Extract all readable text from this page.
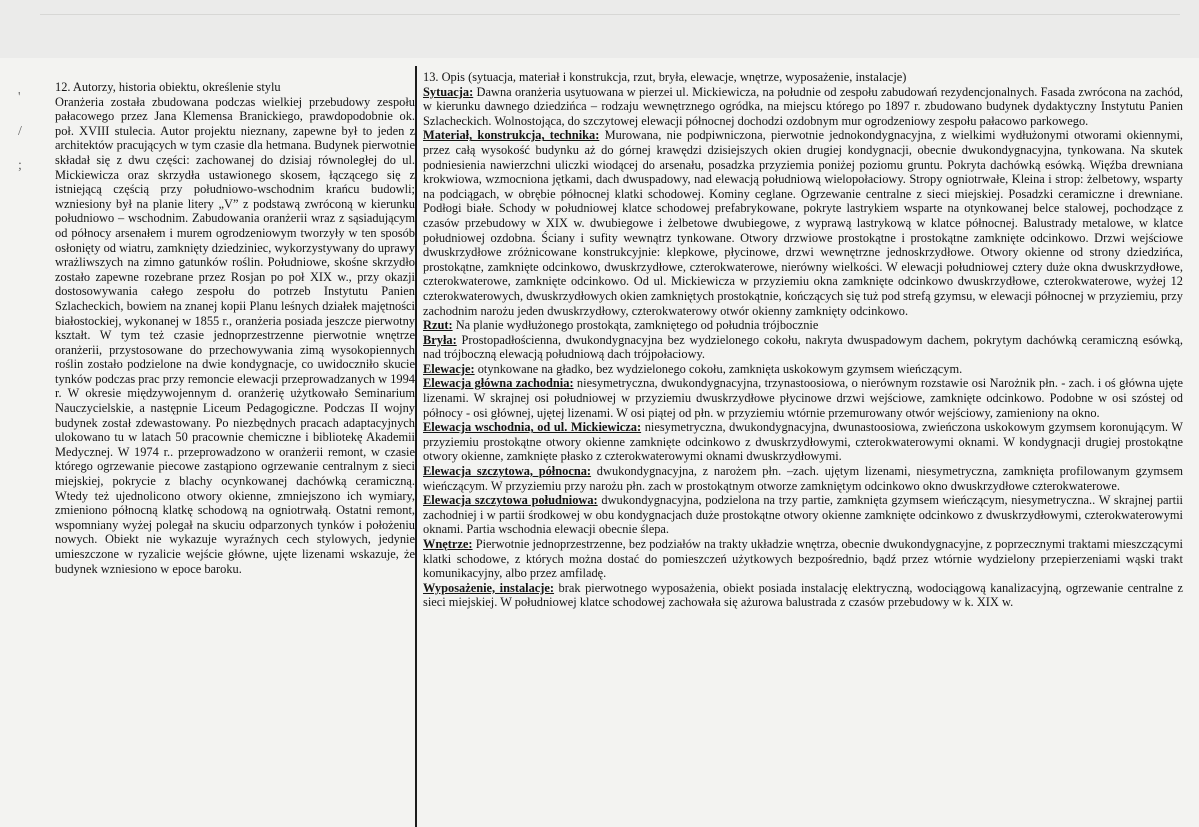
'
/
;

12. Autorzy, historia obiektu, określenie stylu

Oranżeria została zbudowana podczas wielkiej przebudowy zespołu pałacowego przez Jana Klemensa Branickiego, prawdopodobnie ok. poł. XVIII stulecia. Autor projektu nieznany, zapewne był to jeden z architektów pracujących w tym czasie dla hetmana. Budynek pierwotnie składał się z dwu części: zachowanej do dzisiaj równoległej do ul. Mickiewicza oraz skrzydła ustawionego skosem, łączącego się z istniejącą częścią przy południowo-wschodnim krańcu budowli; wzniesiony był na planie litery „V” z podstawą zwróconą w kierunku południowo – wschodnim. Zabudowania oranżerii wraz z sąsiadującym od północy arsenałem i murem ogrodzeniowym tworzyły w ten sposób osłonięty od wiatru, zamknięty dziedziniec, wykorzystywany do uprawy wrażliwszych na zimno gatunków roślin. Południowe, skośne skrzydło zostało zapewne rozebrane przez Rosjan po poł XIX w., przy okazji dostosowywania całego zespołu do potrzeb Instytutu Panien Szlacheckich, bowiem na znanej kopii Planu leśnych działek majętności białostockiej, wykonanej w 1855 r., oranżeria posiada jeszcze pierwotny kształt. W tym też czasie jednoprzestrzenne pierwotnie wnętrze oranżerii, przystosowane do przechowywania zimą wysokopiennych roślin zostało podzielone na dwie kondygnacje, co uwidoczniło skucie tynków podczas prac przy remoncie elewacji przeprowadzanych w 1994 r. W okresie międzywojennym d. oranżerię użytkowało Seminarium Nauczycielskie, a następnie Liceum Pedagogiczne. Podczas II wojny budynek został zdewastowany. Po niezbędnych pracach adaptacyjnych ulokowano tu w latach 50 pracownie chemiczne i bibliotekę Akademii Medycznej. W 1974 r.. przeprowadzono w oranżerii remont, w czasie którego ogrzewanie piecowe zastąpiono ogrzewanie centralnym z sieci miejskiej, pokrycie z blachy ocynkowanej dachówką ceramiczną. Wtedy też ujednolicono otwory okienne, zmniejszono ich wymiary, zmieniono północną klatkę schodową na ogniotrwałą. Ostatni remont, wspomniany wyżej polegał na skuciu odparzonych tynków i położeniu nowych. Obiekt nie wykazuje wyraźnych cech stylowych, jedynie umieszczone w ryzalicie wejście główne, ujęte lizenami wskazuje, że budynek wzniesiono w epoce baroku.

13. Opis (sytuacja, materiał i konstrukcja, rzut, bryła, elewacje, wnętrze, wyposażenie, instalacje)

Sytuacja: Dawna oranżeria usytuowana w pierzei ul. Mickiewicza, na południe od zespołu zabudowań rezydencjonalnych. Fasada zwrócona na zachód, w kierunku dawnego dziedzińca – rodzaju wewnętrznego ogródka, na miejscu którego po 1897 r. zbudowano budynek dydaktyczny Instytutu Panien Szlacheckich. Wolnostojąca, do szczytowej elewacji północnej dochodzi ozdobnym mur ogrodzeniowy zespołu pałacowo parkowego.

Materiał, konstrukcja, technika: Murowana, nie podpiwniczona, pierwotnie jednokondygnacyjna, z wielkimi wydłużonymi otworami okiennymi, przez całą wysokość budynku aż do górnej krawędzi dzisiejszych okien drugiej kondygnacji, obecnie dwukondygnacyjna, tynkowana. Na skutek podniesienia nawierzchni uliczki wiodącej do arsenału, posadzka przyziemia poniżej poziomu gruntu. Pokryta dachówką esówką. Więźba drewniana krokwiowa, wzmocniona jętkami, dach dwuspadowy, nad elewacją południową wielopołaciowy. Stropy ogniotrwałe, Kleina i strop: żelbetowy, wsparty na podciągach, w obrębie północnej klatki schodowej. Kominy ceglane. Ogrzewanie centralne z sieci miejskiej. Posadzki ceramiczne i drewniane. Podłogi białe. Schody w południowej klatce schodowej prefabrykowane, pokryte lastrykiem wsparte na otynkowanej belce stalowej, pochodzące z czasów przebudowy w XIX w. dwubiegowe i żelbetowe dwubiegowe, z wyprawą lastrykową w klatce północnej. Balustrady metalowe, w klatce południowej ozdobna. Ściany i sufity wewnątrz tynkowane. Otwory drzwiowe prostokątne i prostokątne zamknięte odcinkowo. Drzwi wejściowe dwuskrzydłowe zróżnicowane konstrukcyjnie: klepkowe, płycinowe, drzwi wewnętrzne jednoskrzydłowe. Otwory okienne od strony dziedzińca, prostokątne, zamknięte odcinkowo, dwuskrzydłowe, czterokwaterowe, nierówny wielkości. W elewacji południowej cztery duże okna dwuskrzydłowe, czterokwaterowe, zamknięte odcinkowo. Od ul. Mickiewicza w przyziemiu okna zamknięte odcinkowo dwuskrzydłowe, czterokwaterowe, wyżej 12 czterokwaterowych, dwuskrzydłowych okien zamkniętych prostokątnie, kończących się tuż pod strefą gzymsu, w elewacji północnej w przyziemiu, przy zachodnim narożu jeden dwuskrzydłowy, czterokwaterowy otwór okienny zamknięty odcinkowo.

Rzut: Na planie wydłużonego prostokąta, zamkniętego od południa trójbocznie

Bryła: Prostopadłościenna, dwukondygnacyjna bez wydzielonego cokołu, nakryta dwuspadowym dachem, pokrytym dachówką ceramiczną esówką, nad trójboczną elewacją południową dach trójpołaciowy.

Elewacje: otynkowane na gładko, bez wydzielonego cokołu, zamknięta uskokowym gzymsem wieńczącym.

Elewacja główna zachodnia: niesymetryczna, dwukondygnacyjna, trzynastoosiowa, o nierównym rozstawie osi Narożnik płn. - zach. i oś główna ujęte lizenami. W skrajnej osi południowej w przyziemiu dwuskrzydłowe płycinowe drzwi wejściowe, zamknięte odcinkowo. Podobne w osi szóstej od północy - osi głównej, ujętej lizenami. W osi piątej od płn. w przyziemiu wtórnie przemurowany otwór wejściowy, zamieniony na okno.

Elewacja wschodnia, od ul. Mickiewicza: niesymetryczna, dwukondygnacyjna, dwunastoosiowa, zwieńczona uskokowym gzymsem koronującym. W przyziemiu prostokątne otwory okienne zamknięte odcinkowo z dwuskrzydłowymi, czterokwaterowymi oknami. W kondygnacji drugiej prostokątne otwory okienne, zamknięte płasko z czterokwaterowymi oknami dwuskrzydłowymi.

Elewacja szczytowa, północna: dwukondygnacyjna, z narożem płn. –zach. ujętym lizenami, niesymetryczna, zamknięta profilowanym gzymsem wieńczącym. W przyziemiu przy narożu płn. zach w prostokątnym otworze zamkniętym odcinkowo okno dwuskrzydłowe czterokwaterowe.

Elewacja szczytowa południowa: dwukondygnacyjna, podzielona na trzy partie, zamknięta gzymsem wieńczącym, niesymetryczna.. W skrajnej partii zachodniej i w partii środkowej w obu kondygnacjach duże prostokątne otwory okienne zamknięte odcinkowo z dwuskrzydłowymi, czterokwaterowymi oknami. Partia wschodnia elewacji obecnie ślepa.

Wnętrze: Pierwotnie jednoprzestrzenne, bez podziałów na trakty układzie wnętrza, obecnie dwukondygnacyjne, z poprzecznymi traktami mieszczącymi klatki schodowe, z których można dostać do pomieszczeń użytkowych bezpośrednio, bądź przez wtórnie wydzielony przepierzeniami wąski trakt komunikacyjny, albo przez amfiladę.

Wyposażenie, instalacje: brak pierwotnego wyposażenia, obiekt posiada instalację elektryczną, wodociągową kanalizacyjną, ogrzewanie centralne z sieci miejskiej. W południowej klatce schodowej zachowała się ażurowa balustrada z czasów przebudowy w k. XIX w.
